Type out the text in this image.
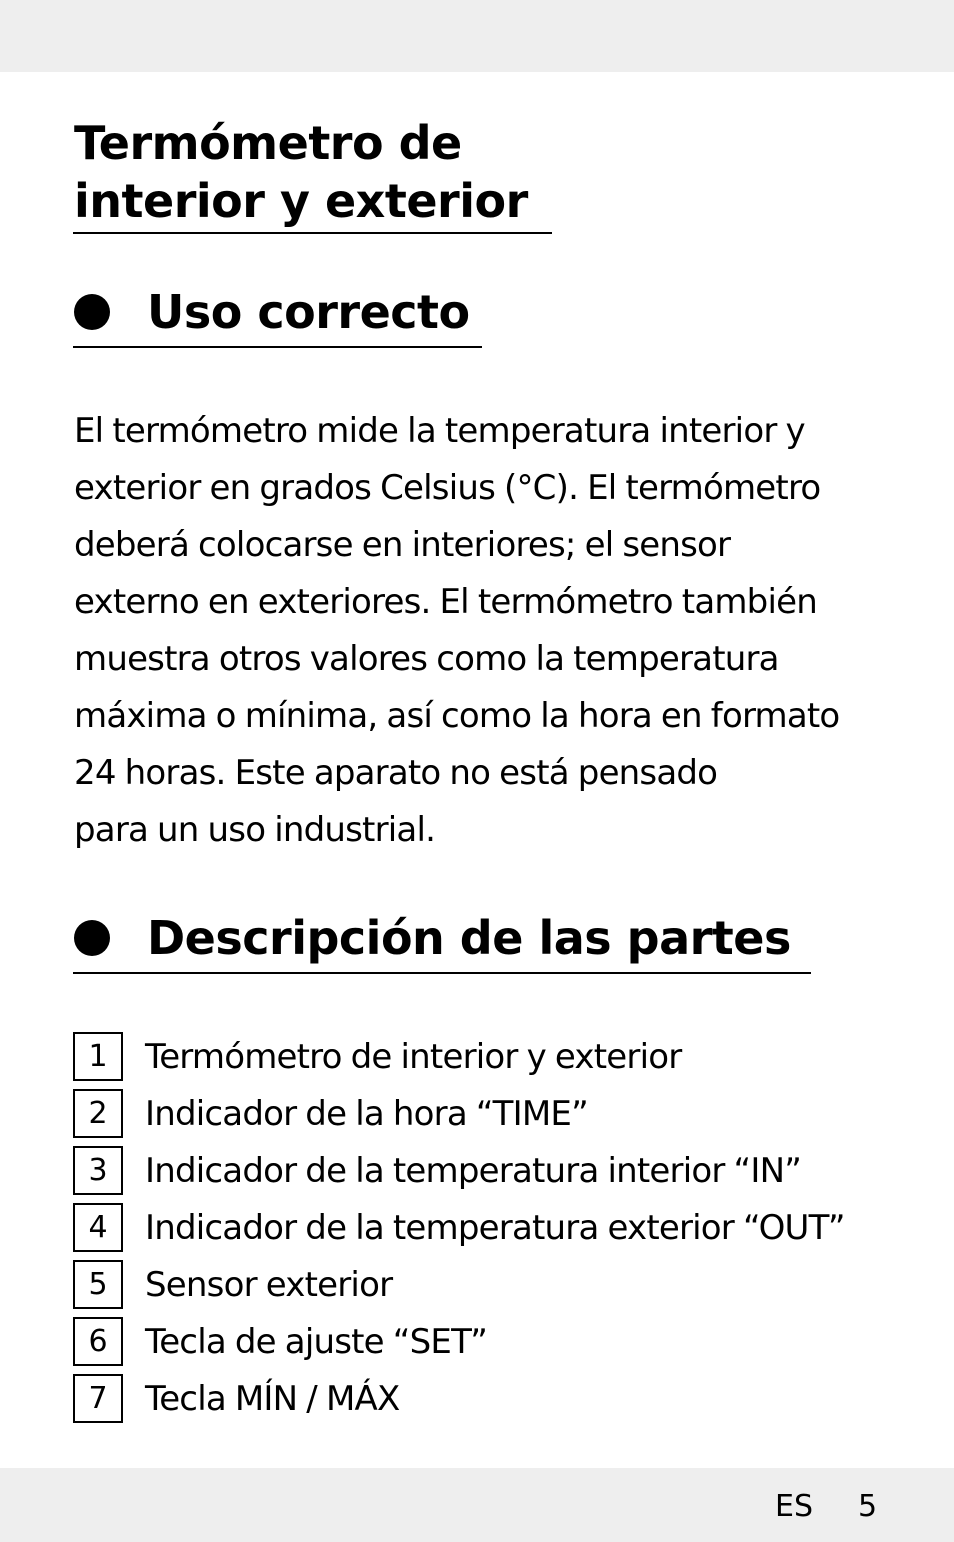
Termómetro de
interior y exterior
Uso correcto
El termómetro mide la temperatura interior y
exterior en grados Celsius (°C). El termómetro
deberá colocarse en interiores; el sensor
externo en exteriores. El termómetro también
muestra otros valores como la temperatura
máxima o mínima, así como la hora en formato
24 horas. Este aparato no está pensado
para un uso industrial.
Descripción de las partes
1	Termómetro de interior y exterior
2	Indicador de la hora “TIME”
3	Indicador de la temperatura interior “IN”
4	Indicador de la temperatura exterior “OUT”
5	Sensor exterior
6	Tecla de ajuste “SET”
7	Tecla MÍN / MÁX
ES 5
